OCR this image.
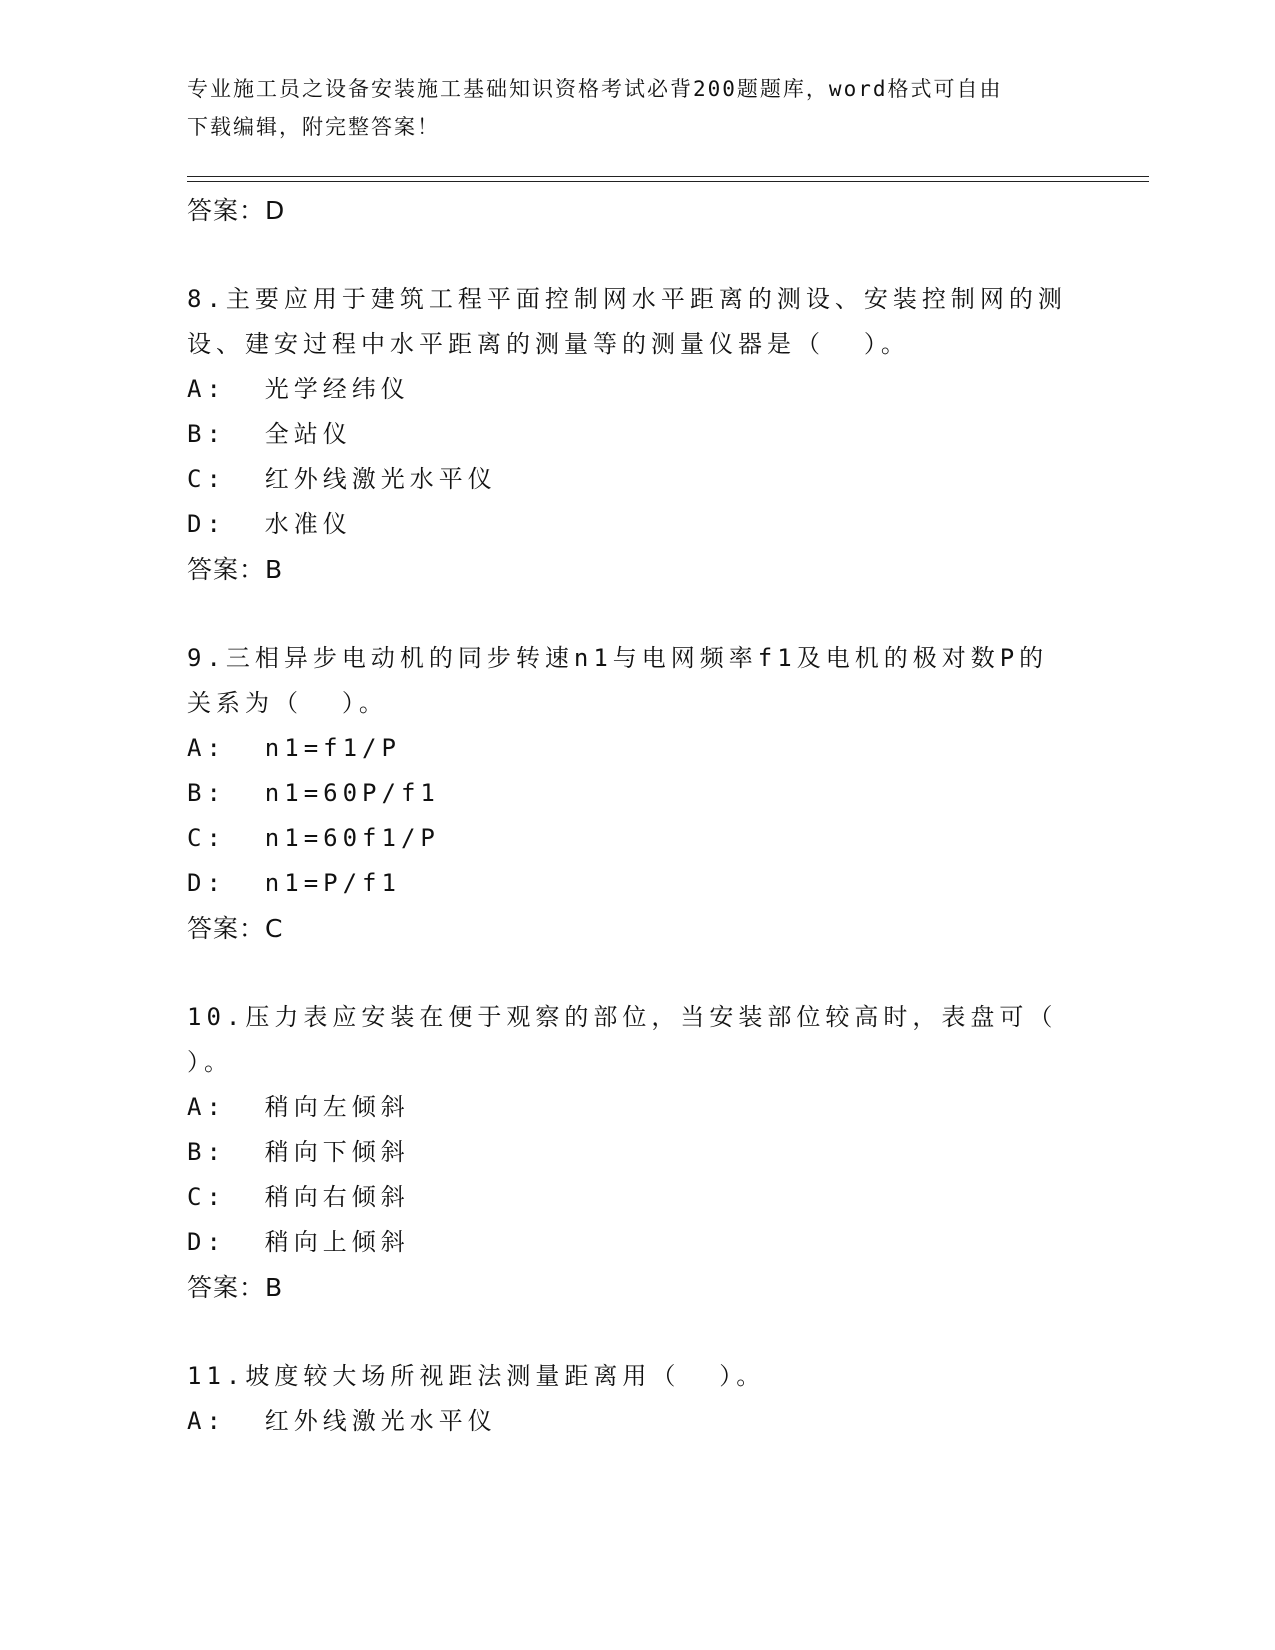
专业施工员之设备安装施工基础知识资格考试必背200题题库，word格式可自由
下载编辑，附完整答案！
答案：D
8.主要应用于建筑工程平面控制网水平距离的测设、安装控制网的测
设、建安过程中水平距离的测量等的测量仪器是（  ）。
A:  光学经纬仪
B:  全站仪
C:  红外线激光水平仪
D:  水准仪
答案：B
9.三相异步电动机的同步转速n1与电网频率f1及电机的极对数P的
关系为（  ）。
A:  n1=f1/P
B:  n1=60P/f1
C:  n1=60f1/P
D:  n1=P/f1
答案：C
10.压力表应安装在便于观察的部位，当安装部位较高时，表盘可（
）。
A:  稍向左倾斜
B:  稍向下倾斜
C:  稍向右倾斜
D:  稍向上倾斜
答案：B
11.坡度较大场所视距法测量距离用（  ）。
A:  红外线激光水平仪
